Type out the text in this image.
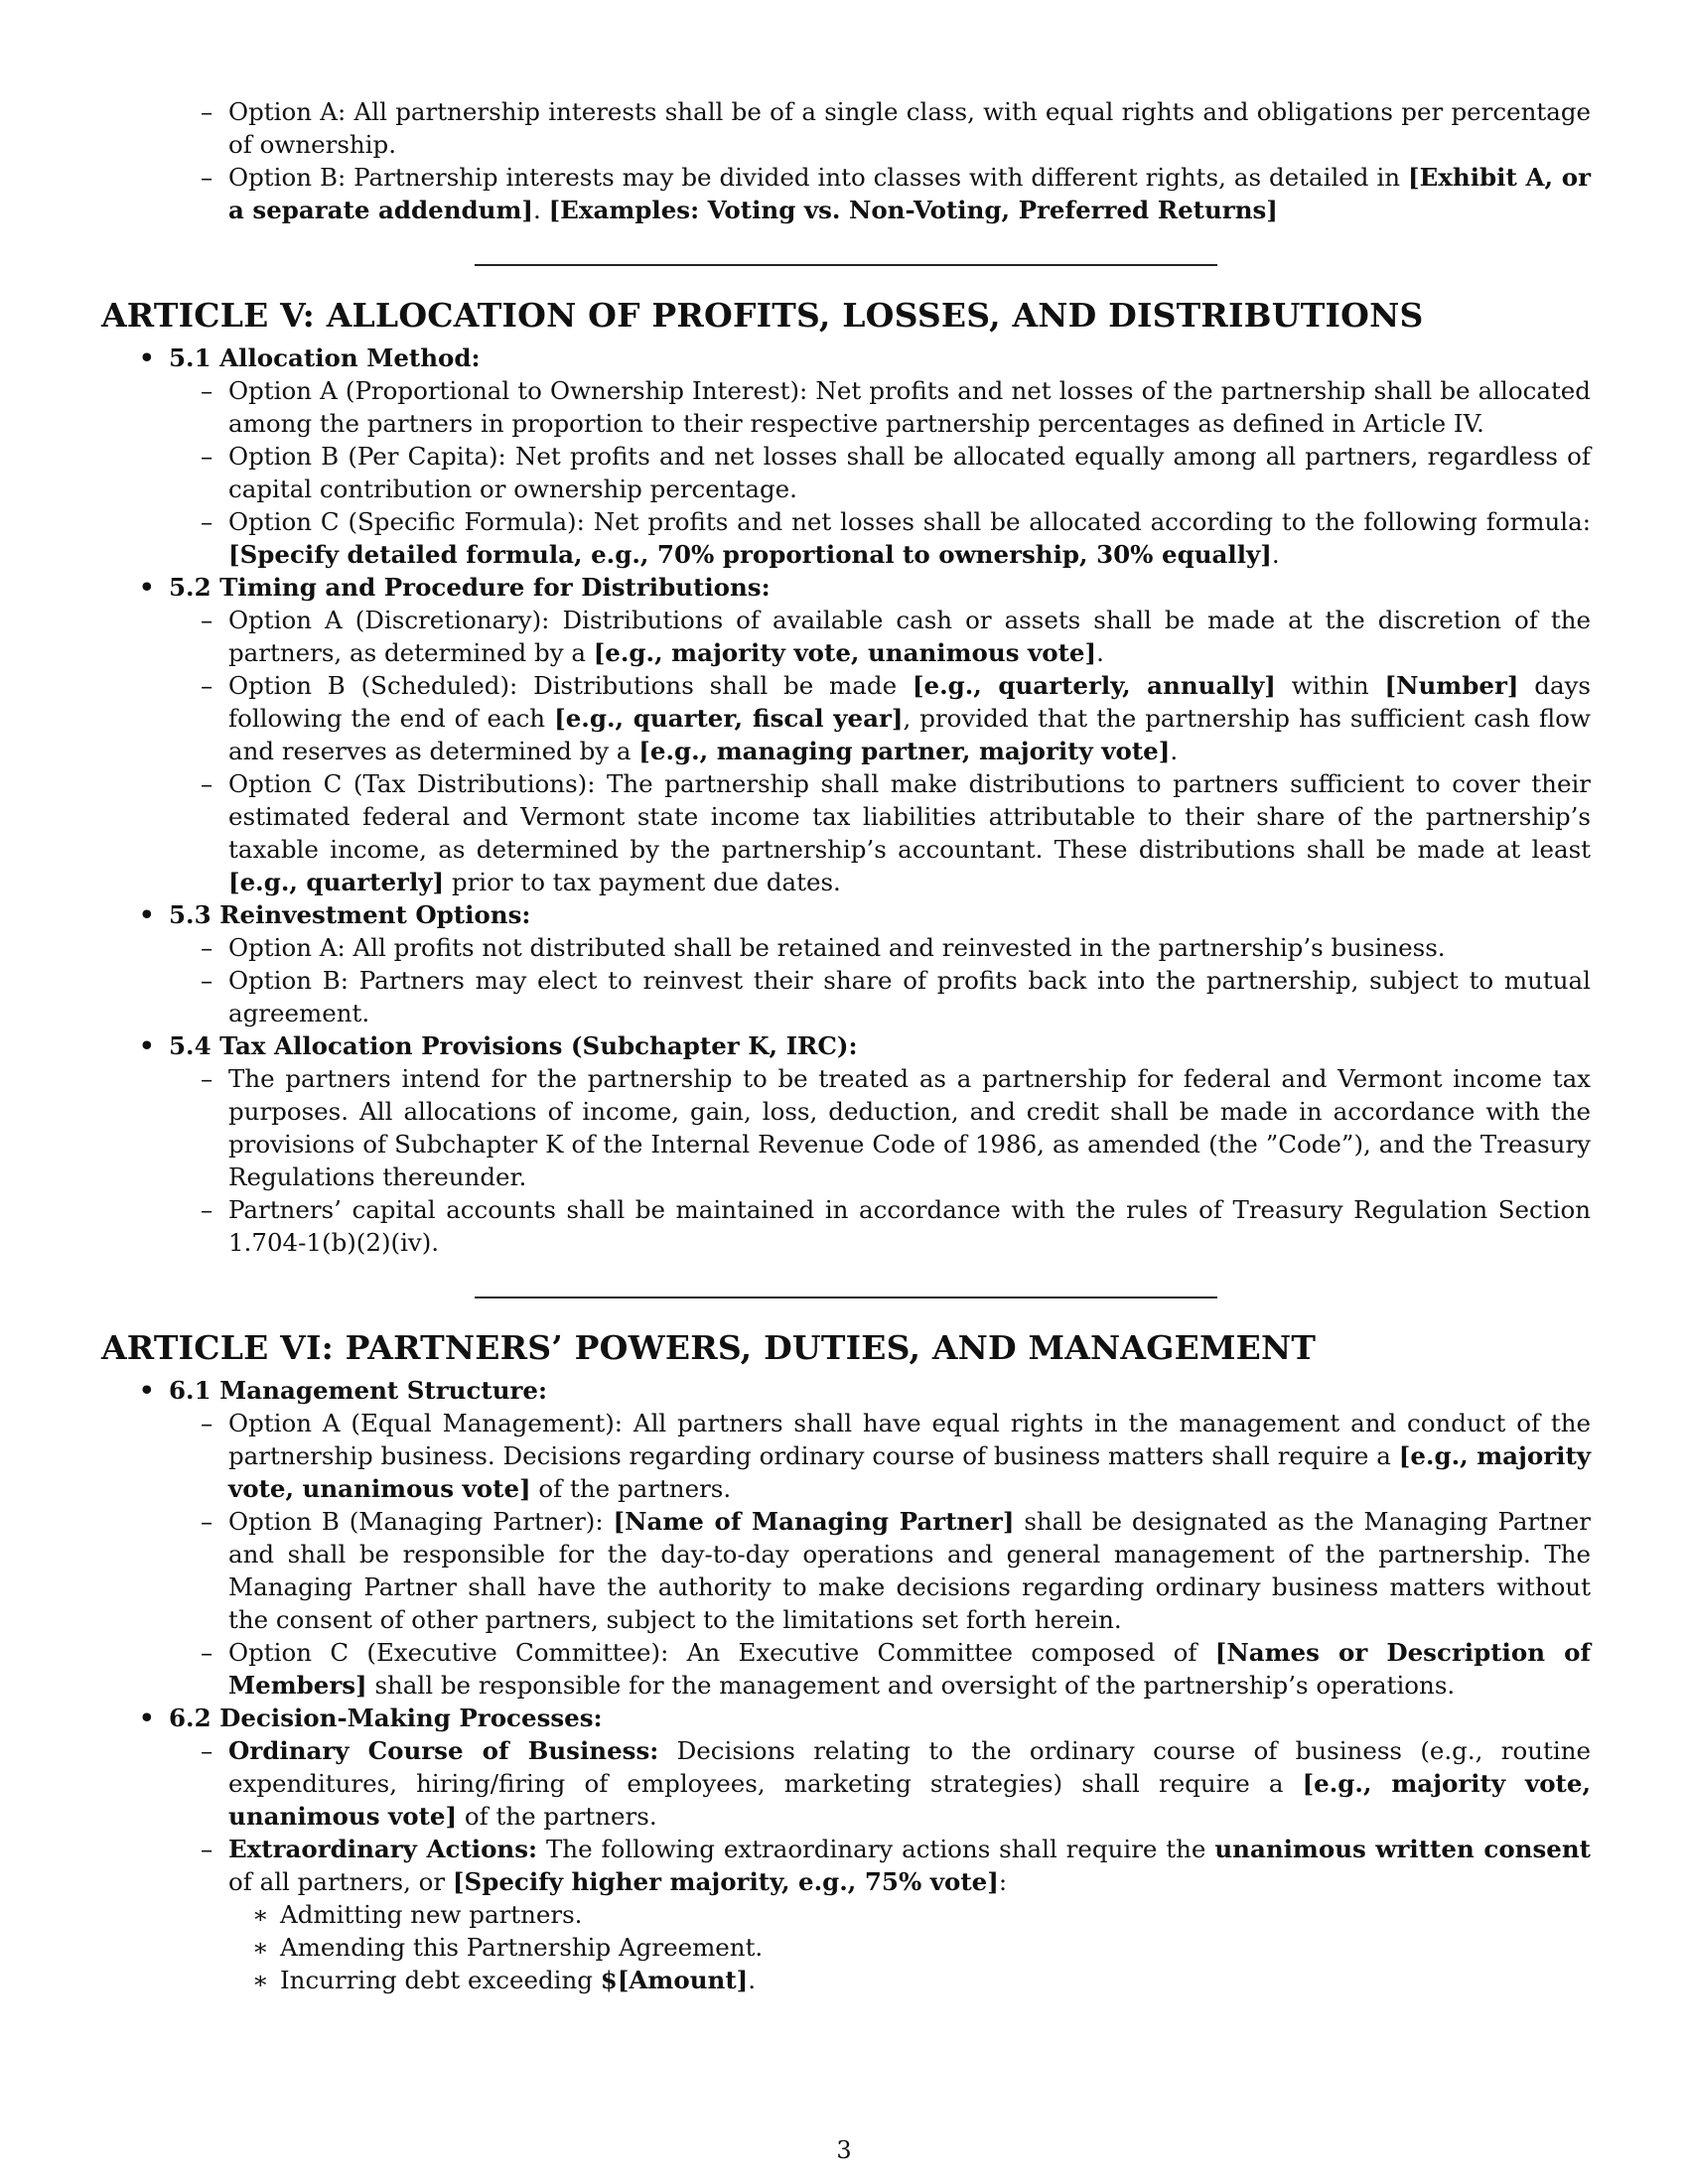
– Option A: All partnership interests shall be of a single class, with equal rights and obligations per percentage of ownership.
– Option B: Partnership interests may be divided into classes with different rights, as detailed in [Exhibit A, or a separate addendum]. [Examples: Voting vs. Non-Voting, Preferred Returns]
ARTICLE V: ALLOCATION OF PROFITS, LOSSES, AND DISTRIBUTIONS
• 5.1 Allocation Method:
– Option A (Proportional to Ownership Interest): Net profits and net losses of the partnership shall be allocated among the partners in proportion to their respective partnership percentages as defined in Article IV.
– Option B (Per Capita): Net profits and net losses shall be allocated equally among all partners, regardless of capital contribution or ownership percentage.
– Option C (Specific Formula): Net profits and net losses shall be allocated according to the following formula: [Specify detailed formula, e.g., 70% proportional to ownership, 30% equally].
• 5.2 Timing and Procedure for Distributions:
– Option A (Discretionary): Distributions of available cash or assets shall be made at the discretion of the partners, as determined by a [e.g., majority vote, unanimous vote].
– Option B (Scheduled): Distributions shall be made [e.g., quarterly, annually] within [Number] days following the end of each [e.g., quarter, fiscal year], provided that the partnership has sufficient cash flow and reserves as determined by a [e.g., managing partner, majority vote].
– Option C (Tax Distributions): The partnership shall make distributions to partners sufficient to cover their estimated federal and Vermont state income tax liabilities attributable to their share of the partnership’s taxable income, as determined by the partnership’s accountant. These distributions shall be made at least [e.g., quarterly] prior to tax payment due dates.
• 5.3 Reinvestment Options:
– Option A: All profits not distributed shall be retained and reinvested in the partnership’s business.
– Option B: Partners may elect to reinvest their share of profits back into the partnership, subject to mutual agreement.
• 5.4 Tax Allocation Provisions (Subchapter K, IRC):
– The partners intend for the partnership to be treated as a partnership for federal and Vermont income tax purposes. All allocations of income, gain, loss, deduction, and credit shall be made in accordance with the provisions of Subchapter K of the Internal Revenue Code of 1986, as amended (the ”Code”), and the Treasury Regulations thereunder.
– Partners’ capital accounts shall be maintained in accordance with the rules of Treasury Regulation Section 1.704-1(b)(2)(iv).
ARTICLE VI: PARTNERS’ POWERS, DUTIES, AND MANAGEMENT
• 6.1 Management Structure:
– Option A (Equal Management): All partners shall have equal rights in the management and conduct of the partnership business. Decisions regarding ordinary course of business matters shall require a [e.g., majority vote, unanimous vote] of the partners.
– Option B (Managing Partner): [Name of Managing Partner] shall be designated as the Managing Partner and shall be responsible for the day-to-day operations and general management of the partnership. The Managing Partner shall have the authority to make decisions regarding ordinary business matters without the consent of other partners, subject to the limitations set forth herein.
– Option C (Executive Committee): An Executive Committee composed of [Names or Description of Members] shall be responsible for the management and oversight of the partnership’s operations.
• 6.2 Decision-Making Processes:
– Ordinary Course of Business: Decisions relating to the ordinary course of business (e.g., routine expenditures, hiring/firing of employees, marketing strategies) shall require a [e.g., majority vote, unanimous vote] of the partners.
– Extraordinary Actions: The following extraordinary actions shall require the unanimous written consent of all partners, or [Specify higher majority, e.g., 75% vote]:
∗ Admitting new partners.
∗ Amending this Partnership Agreement.
∗ Incurring debt exceeding $[Amount].
3
